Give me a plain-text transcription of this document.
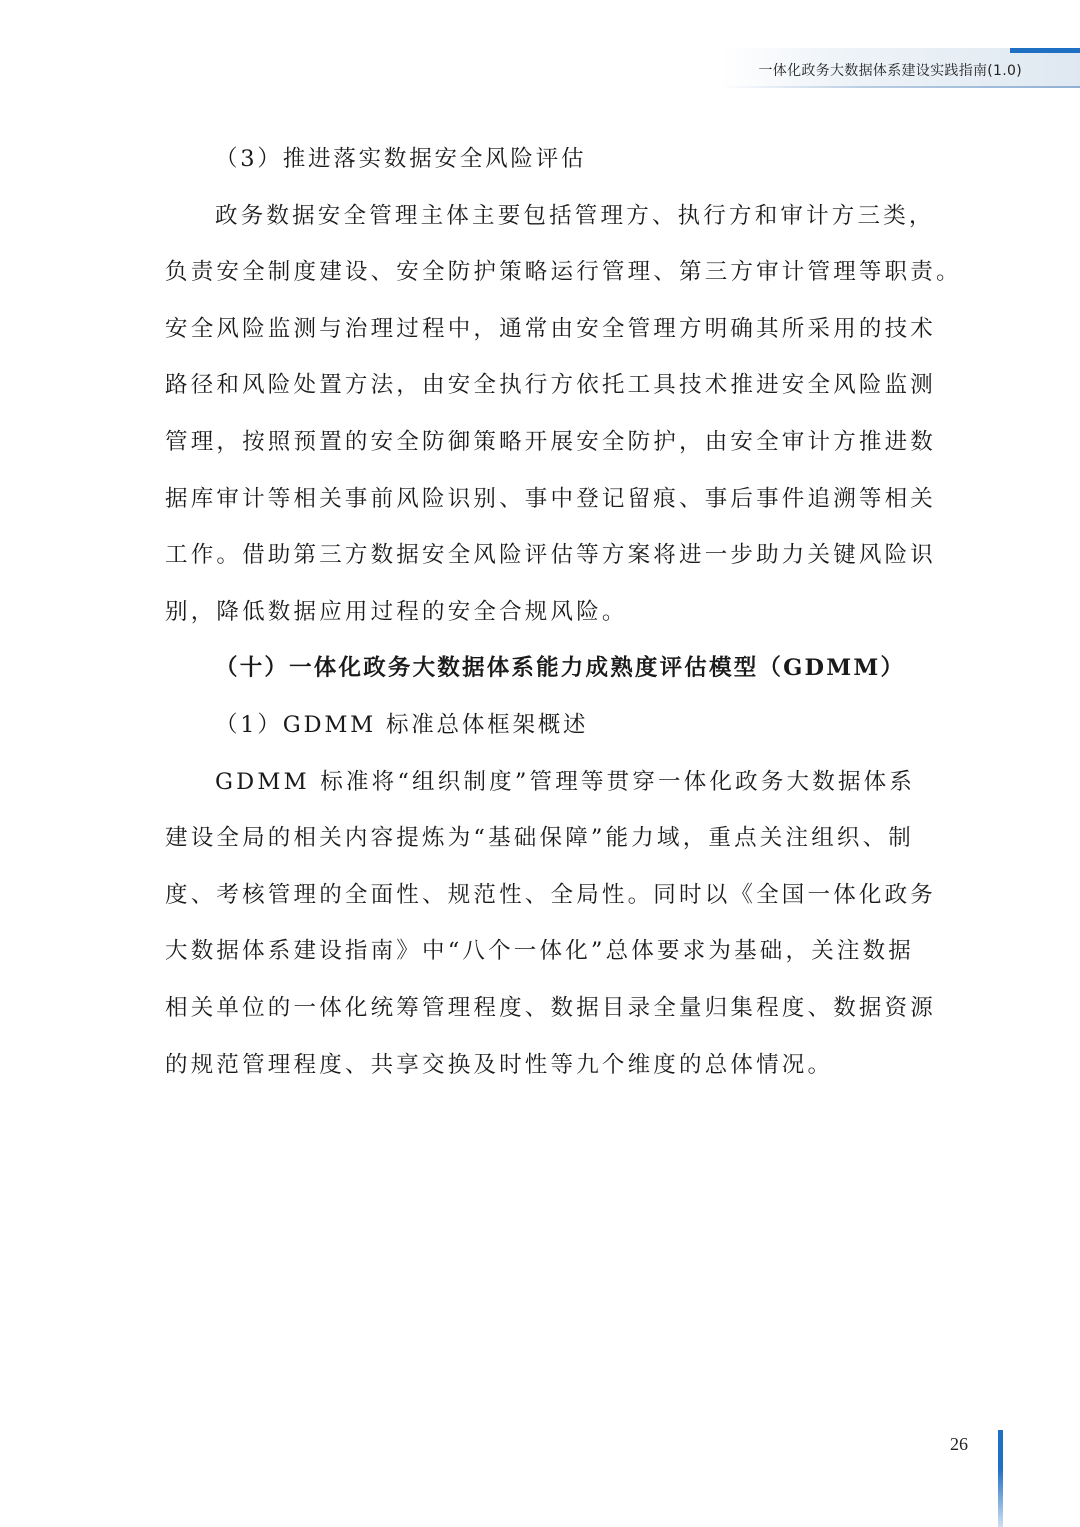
一体化政务大数据体系建设实践指南(1.0)
（3）推进落实数据安全风险评估
政务数据安全管理主体主要包括管理方、执行方和审计方三类，
负责安全制度建设、安全防护策略运行管理、第三方审计管理等职责。
安全风险监测与治理过程中，通常由安全管理方明确其所采用的技术
路径和风险处置方法，由安全执行方依托工具技术推进安全风险监测
管理，按照预置的安全防御策略开展安全防护，由安全审计方推进数
据库审计等相关事前风险识别、事中登记留痕、事后事件追溯等相关
工作。借助第三方数据安全风险评估等方案将进一步助力关键风险识
别，降低数据应用过程的安全合规风险。
（十）一体化政务大数据体系能力成熟度评估模型（GDMM）
（1）GDMM 标准总体框架概述
GDMM 标准将“组织制度”管理等贯穿一体化政务大数据体系
建设全局的相关内容提炼为“基础保障”能力域，重点关注组织、制
度、考核管理的全面性、规范性、全局性。同时以《全国一体化政务
大数据体系建设指南》中“八个一体化”总体要求为基础，关注数据
相关单位的一体化统筹管理程度、数据目录全量归集程度、数据资源
的规范管理程度、共享交换及时性等九个维度的总体情况。
26
